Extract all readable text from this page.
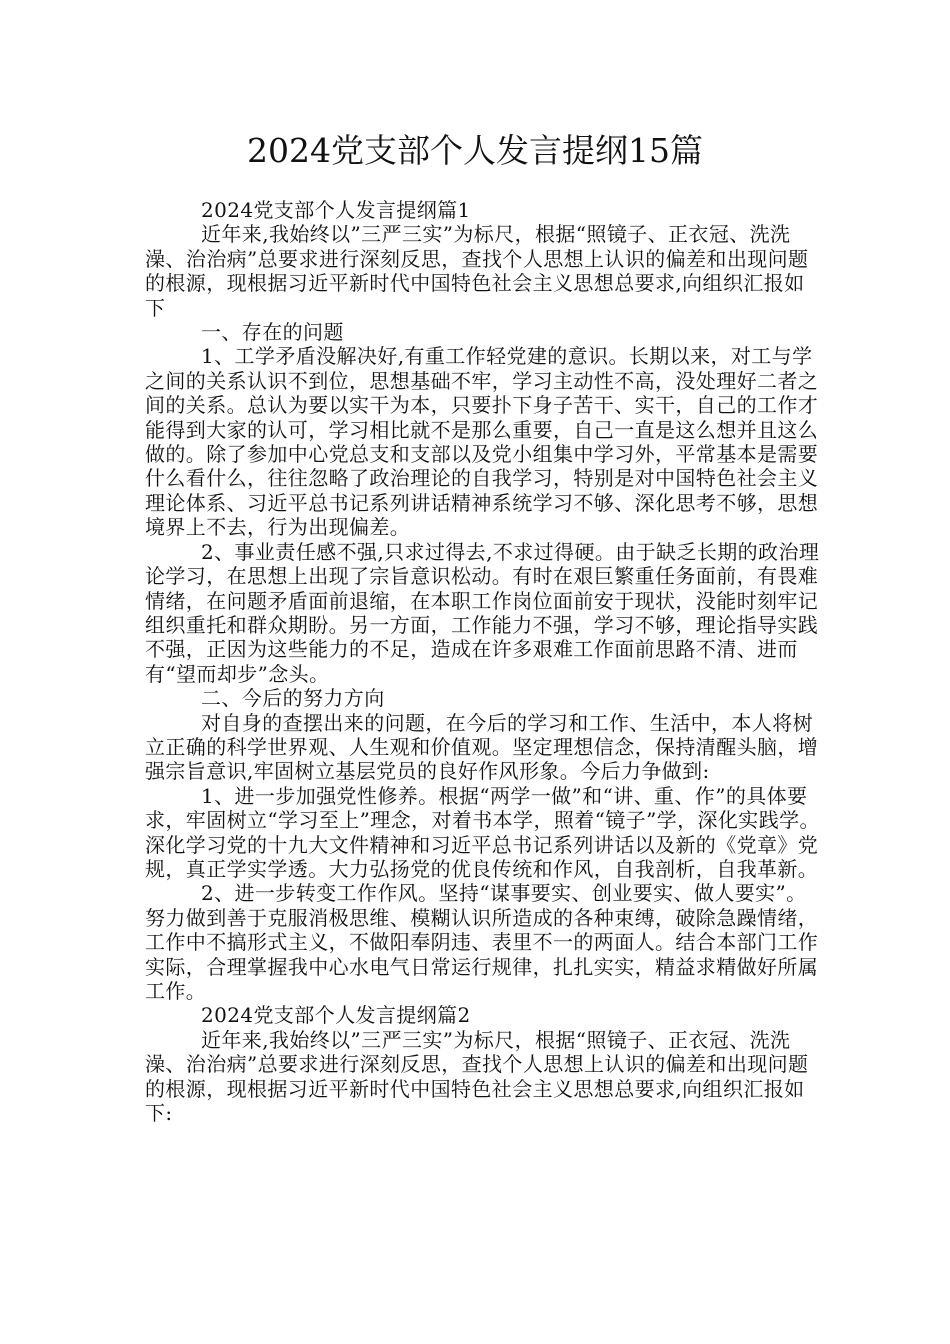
2024党支部个人发言提纲15篇

2024党支部个人发言提纲篇1

近年来,我始终以”三严三实”为标尺，根据“照镜子、正衣冠、洗洗澡、治治病”总要求进行深刻反思，查找个人思想上认识的偏差和出现问题的根源，现根据习近平新时代中国特色社会主义思想总要求,向组织汇报如下

一、存在的问题

1、工学矛盾没解决好,有重工作轻党建的意识。长期以来，对工与学之间的关系认识不到位，思想基础不牢，学习主动性不高，没处理好二者之间的关系。总认为要以实干为本，只要扑下身子苦干、实干，自己的工作才能得到大家的认可，学习相比就不是那么重要，自己一直是这么想并且这么做的。除了参加中心党总支和支部以及党小组集中学习外，平常基本是需要什么看什么，往往忽略了政治理论的自我学习，特别是对中国特色社会主义理论体系、习近平总书记系列讲话精神系统学习不够、深化思考不够，思想境界上不去，行为出现偏差。

2、事业责任感不强,只求过得去,不求过得硬。由于缺乏长期的政治理论学习，在思想上出现了宗旨意识松动。有时在艰巨繁重任务面前，有畏难情绪，在问题矛盾面前退缩，在本职工作岗位面前安于现状，没能时刻牢记组织重托和群众期盼。另一方面，工作能力不强，学习不够，理论指导实践不强，正因为这些能力的不足，造成在许多艰难工作面前思路不清、进而有“望而却步”念头。

二、今后的努力方向

对自身的查摆出来的问题，在今后的学习和工作、生活中，本人将树立正确的科学世界观、人生观和价值观。坚定理想信念，保持清醒头脑，增强宗旨意识,牢固树立基层党员的良好作风形象。今后力争做到:

1、进一步加强党性修养。根据“两学一做”和“讲、重、作”的具体要求，牢固树立“学习至上”理念，对着书本学，照着“镜子”学，深化实践学。深化学习党的十九大文件精神和习近平总书记系列讲话以及新的《党章》党规，真正学实学透。大力弘扬党的优良传统和作风，自我剖析，自我革新。

2、进一步转变工作作风。坚持“谋事要实、创业要实、做人要实”。努力做到善于克服消极思维、模糊认识所造成的各种束缚，破除急躁情绪，工作中不搞形式主义，不做阳奉阴违、表里不一的两面人。结合本部门工作实际，合理掌握我中心水电气日常运行规律，扎扎实实，精益求精做好所属工作。

2024党支部个人发言提纲篇2

近年来,我始终以”三严三实”为标尺，根据“照镜子、正衣冠、洗洗澡、治治病”总要求进行深刻反思，查找个人思想上认识的偏差和出现问题的根源，现根据习近平新时代中国特色社会主义思想总要求,向组织汇报如下:
